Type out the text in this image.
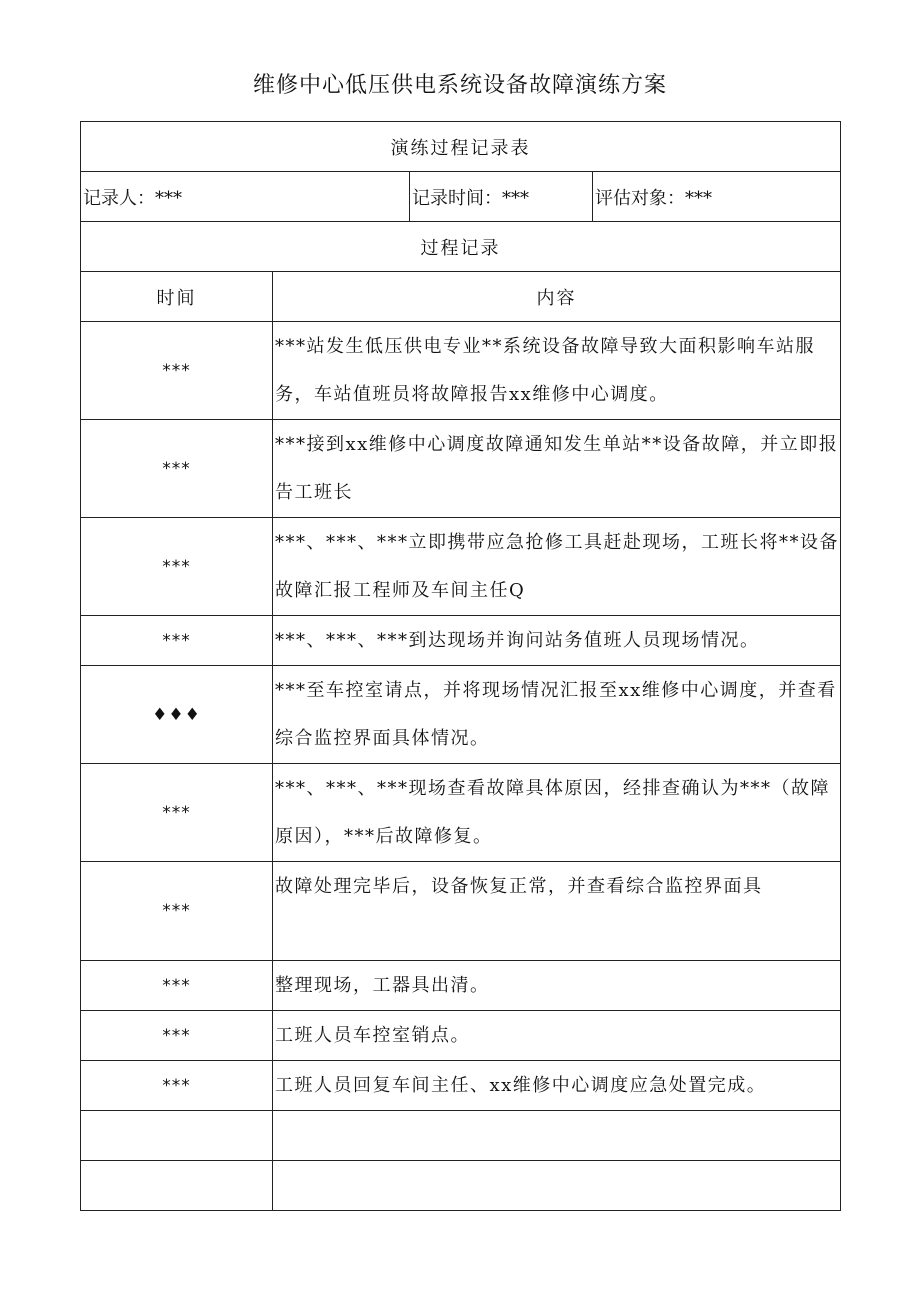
维修中心低压供电系统设备故障演练方案
演练过程记录表			
记录人：***		记录时间：***	评估对象：***
过程记录			
时间	内容		
***	***站发生低压供电专业**系统设备故障导致大面积影响车站服务，车站值班员将故障报告xx维修中心调度。		
***	***接到xx维修中心调度故障通知发生单站**设备故障，并立即报告工班长		
***	***、***、***立即携带应急抢修工具赶赴现场，工班长将**设备故障汇报工程师及车间主任Q		
***	***、***、***到达现场并询问站务值班人员现场情况。		
♦♦♦	***至车控室请点，并将现场情况汇报至xx维修中心调度，并查看综合监控界面具体情况。		
***	***、***、***现场查看故障具体原因，经排查确认为***（故障原因），***后故障修复。		
***	故障处理完毕后，设备恢复正常，并查看综合监控界面具		
***	整理现场，工器具出清。		
***	工班人员车控室销点。		
***	工班人员回复车间主任、xx维修中心调度应急处置完成。		
